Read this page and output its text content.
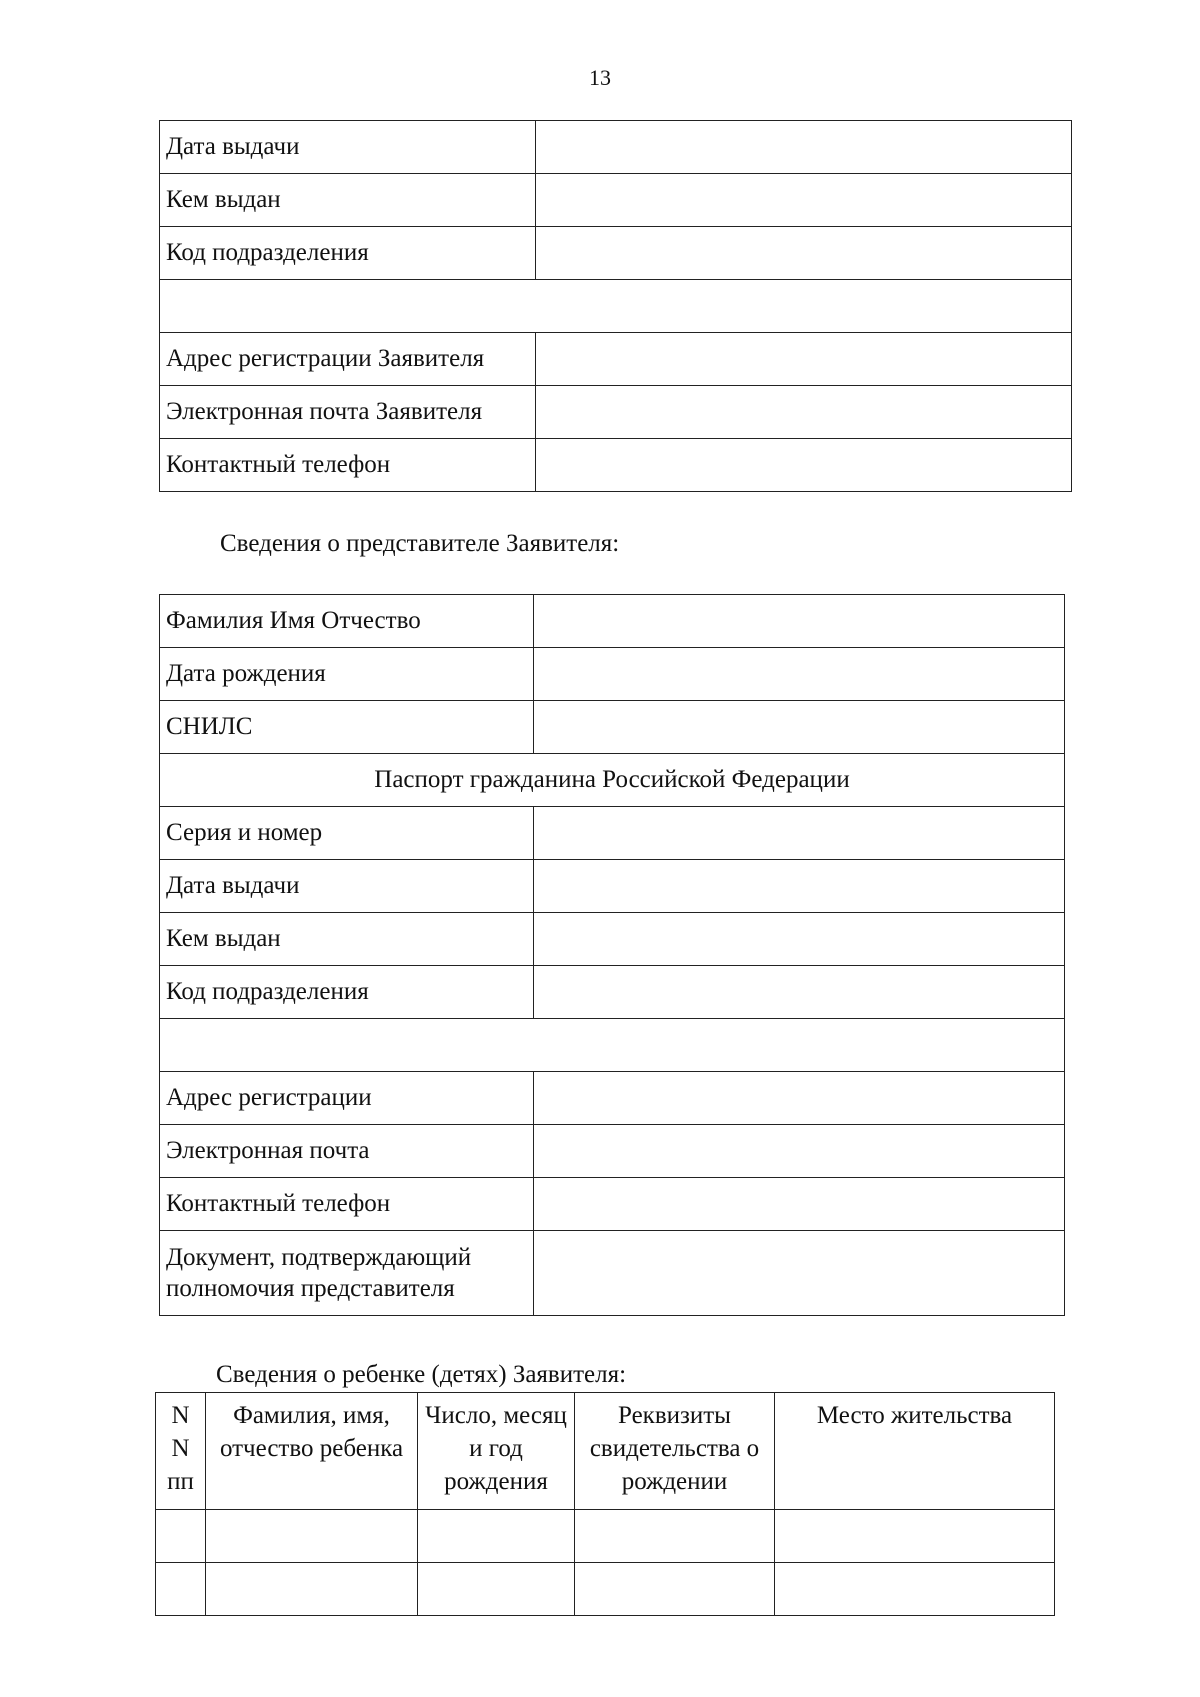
13
Дата выдачи	
Кем выдан	
Код подразделения	

Адрес регистрации Заявителя	
Электронная почта Заявителя	
Контактный телефон	
Сведения о представителе Заявителя:
Фамилия Имя Отчество	
Дата рождения	
СНИЛС	
Паспорт гражданина Российской Федерации	
Серия и номер	
Дата выдачи	
Кем выдан	
Код подразделения	

Адрес регистрации	
Электронная почта	
Контактный телефон	
Документ, подтверждающий полномочия представителя	
Сведения о ребенке (детях) Заявителя:
N N пп	Фамилия, имя, отчество ребенка	Число, месяц и год рождения	Реквизиты свидетельства о рождении	Место жительства
